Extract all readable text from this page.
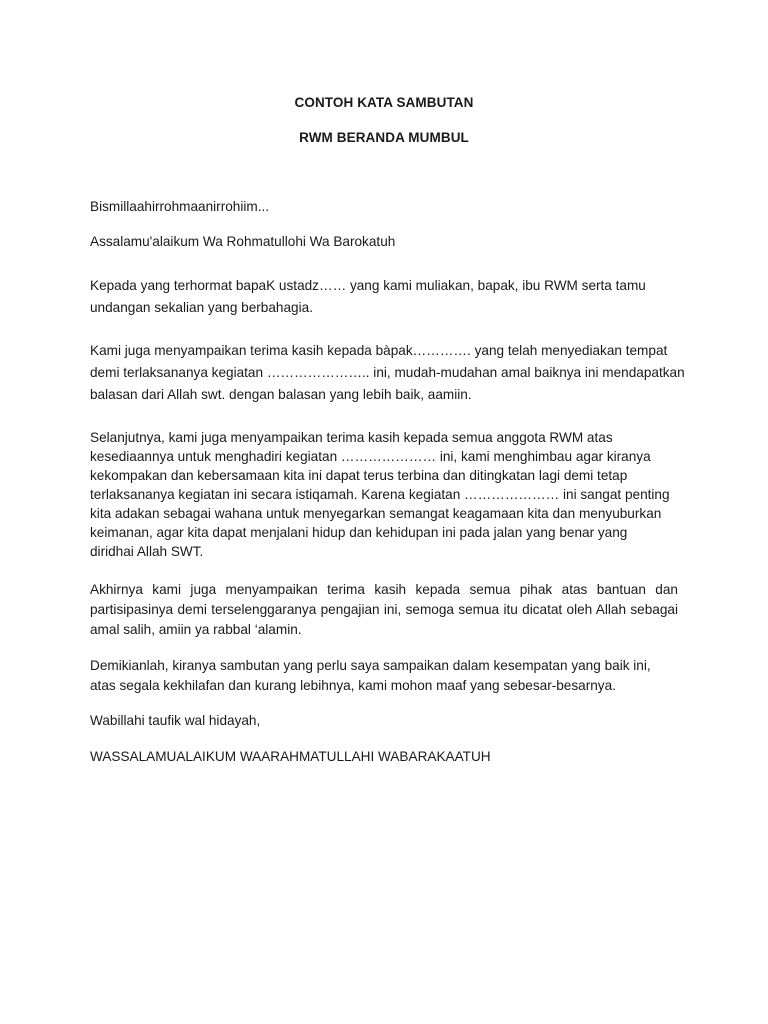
CONTOH KATA SAMBUTAN
RWM BERANDA MUMBUL
Bismillaahirrohmaanirrohiim...
Assalamu'alaikum Wa Rohmatullohi Wa Barokatuh
Kepada yang terhormat bapaK ustadz…… yang kami muliakan, bapak, ibu RWM serta tamu
undangan sekalian yang berbahagia.
Kami juga menyampaikan terima kasih kepada bàpak…………. yang telah menyediakan tempat
demi terlaksananya kegiatan ………………….. ini, mudah-mudahan amal baiknya ini mendapatkan
balasan dari Allah swt. dengan balasan yang lebih baik, aamiin.
Selanjutnya, kami juga menyampaikan terima kasih kepada semua anggota RWM atas
kesediaannya untuk menghadiri kegiatan ………………… ini, kami menghimbau agar kiranya
kekompakan dan kebersamaan kita ini dapat terus terbina dan ditingkatan lagi demi tetap
terlaksananya kegiatan ini secara istiqamah. Karena kegiatan ………………… ini sangat penting
kita adakan sebagai wahana untuk menyegarkan semangat keagamaan kita dan menyuburkan
keimanan, agar kita dapat menjalani hidup dan kehidupan ini pada jalan yang benar yang
diridhai Allah SWT.
Akhirnya kami juga menyampaikan terima kasih kepada semua pihak atas bantuan dan partisipasinya demi terselenggaranya pengajian ini, semoga semua itu dicatat oleh Allah sebagai amal salih, amiin ya rabbal ‘alamin.
Demikianlah, kiranya sambutan yang perlu saya sampaikan dalam kesempatan yang baik ini, atas segala kekhilafan dan kurang lebihnya, kami mohon maaf yang sebesar-besarnya.
Wabillahi taufik wal hidayah,
WASSALAMUALAIKUM WAARAHMATULLAHI WABARAKAATUH
